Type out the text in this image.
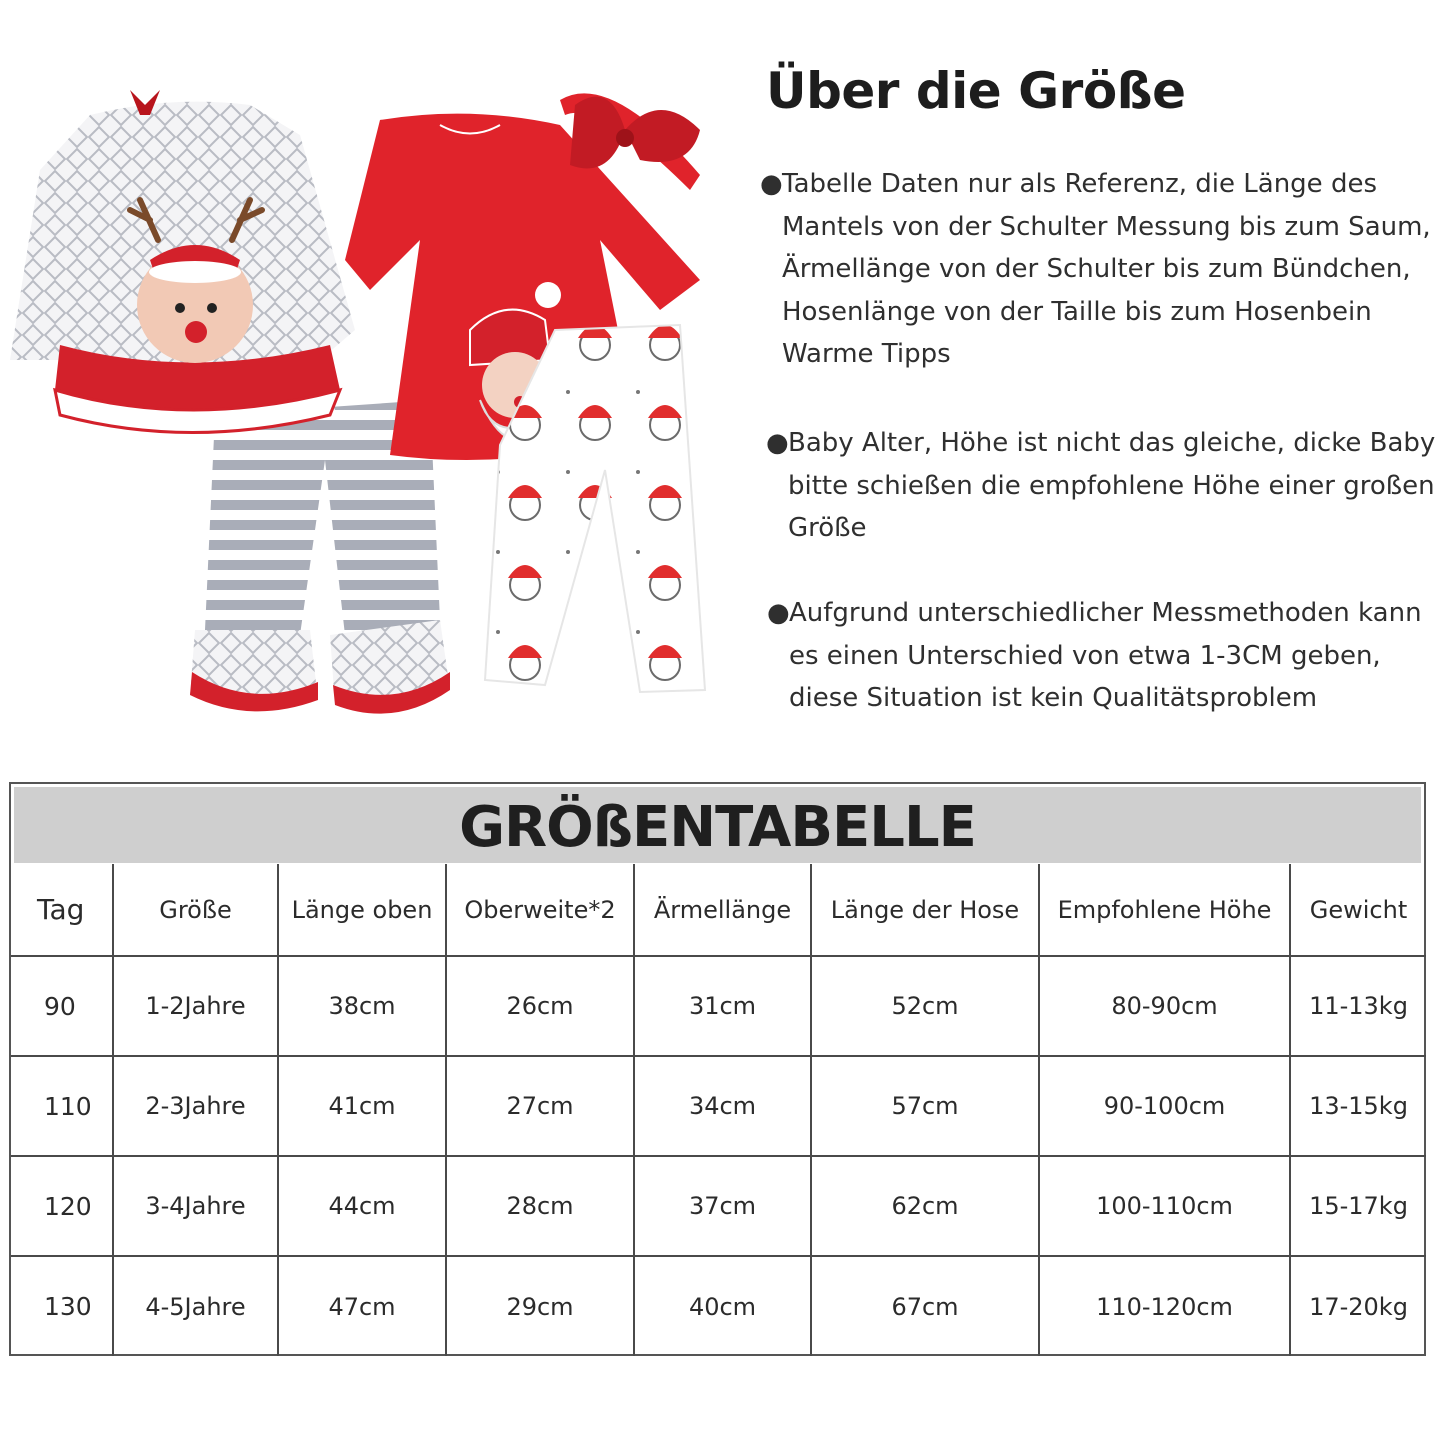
Über die Größe
● Tabelle Daten nur als Referenz, die Länge des
Mantels von der Schulter Messung bis zum Saum,
Ärmellänge von der Schulter bis zum Bündchen,
Hosenlänge von der Taille bis zum Hosenbein
Warme Tipps
● Baby Alter, Höhe ist nicht das gleiche, dicke Baby
bitte schießen die empfohlene Höhe einer großen
Größe
● Aufgrund unterschiedlicher Messmethoden kann
es einen Unterschied von etwa 1-3CM geben,
diese Situation ist kein Qualitätsproblem
GRÖßENTABELLE
Tag	Größe	Länge oben	Oberweite*2	Ärmellänge	Länge der Hose	Empfohlene Höhe	Gewicht
90	1-2Jahre	38cm	26cm	31cm	52cm	80-90cm	11-13kg
110	2-3Jahre	41cm	27cm	34cm	57cm	90-100cm	13-15kg
120	3-4Jahre	44cm	28cm	37cm	62cm	100-110cm	15-17kg
130	4-5Jahre	47cm	29cm	40cm	67cm	110-120cm	17-20kg
